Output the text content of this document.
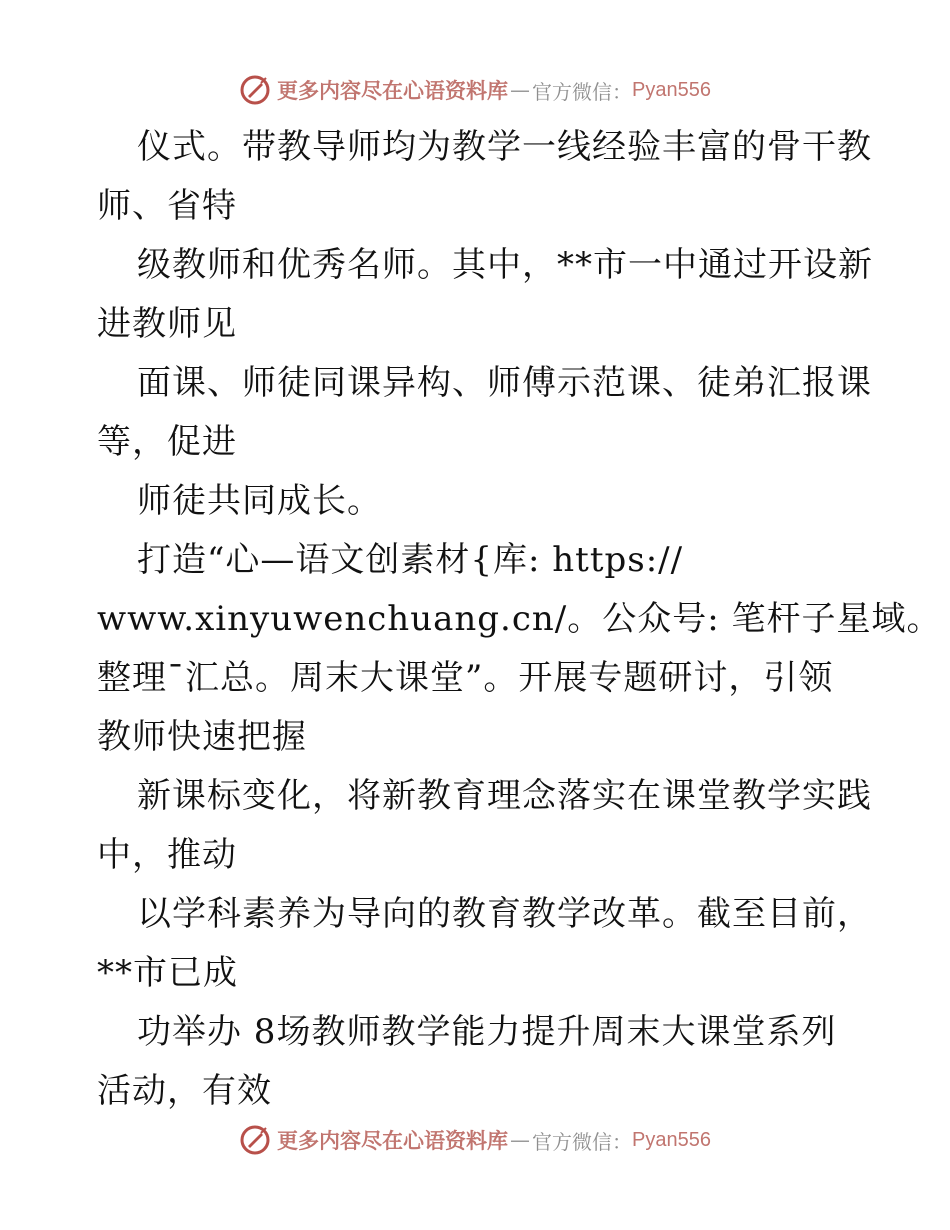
更多内容尽在心语资料库 — 官方微信： Pyan556
仪式。带教导师均为教学一线经验丰富的骨干教
师、省特
级教师和优秀名师。其中，**市一中通过开设新
进教师见
面课、师徒同课异构、师傅示范课、徒弟汇报课
等，促进
师徒共同成长。
打造“心—语文创素材{库: https://
www.xinyuwenchuang.cn/。公众号: 笔杆子星域。
整理¯汇总。周末大课堂”。开展专题研讨，引领
教师快速把握
新课标变化，将新教育理念落实在课堂教学实践
中，推动
以学科素养为导向的教育教学改革。截至目前，
**市已成
功举办 8场教师教学能力提升周末大课堂系列
活动，有效
更多内容尽在心语资料库 — 官方微信： Pyan556
